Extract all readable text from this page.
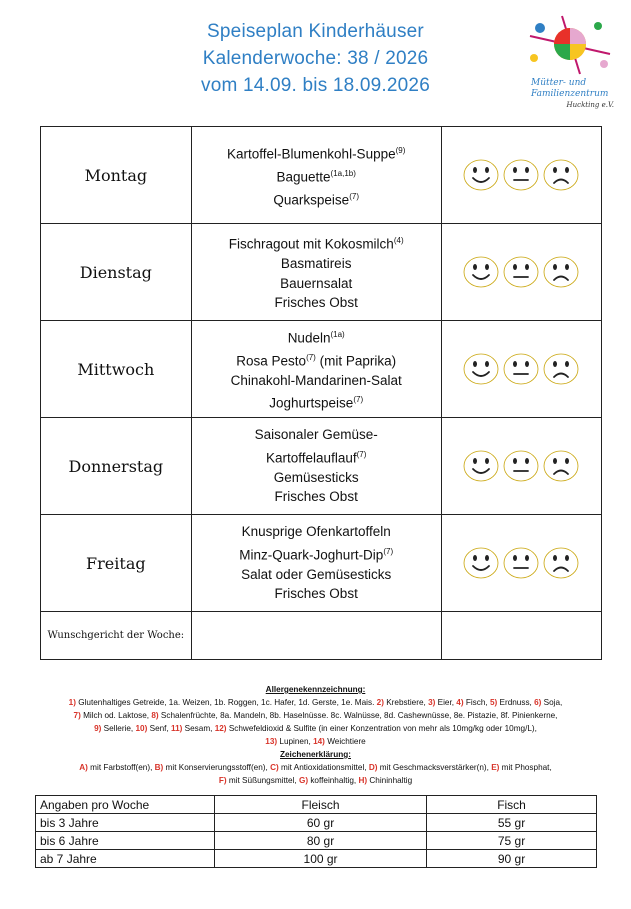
Speiseplan Kinderhäuser
Kalenderwoche: 38 / 2026
vom 14.09. bis 18.09.2026	Mütter- und
Familienzentrum

Huckting e.V.
Montag	Kartoffel-Blumenkohl-Suppe$^{(9)}$
Baguette$^{(1a,1b)}$
Quarkspeise$^{(7)}$

Dienstag	Fischragout mit Kokosmilch$^{(4)}$
Basmatireis
Bauernsalat
Frisches Obst

Mittwoch	Nudeln$^{(1a)}$
Rosa Pesto$^{(7)}$ (mit Paprika)
Chinakohl-Mandarinen-Salat
Joghurtspeise$^{(7)}$

Donnerstag	Saisonaler Gemüse-
Kartoffelauflauf$^{(7)}$
Gemüsesticks
Frisches Obst

Freitag	Knusprige Ofenkartoffeln
Minz-Quark-Joghurt-Dip$^{(7)}$
Salat oder Gemüsesticks
Frisches Obst

Wunschgericht der Woche:		
Allergenekennzeichnung:
1) Glutenhaltiges Getreide, 1a. Weizen, 1b. Roggen, 1c. Hafer, 1d. Gerste, 1e. Mais. 2) Krebstiere, 3) Eier, 4) Fisch, 5) Erdnuss, 6) Soja,
7) Milch od. Laktose, 8) Schalenfrüchte, 8a. Mandeln, 8b. Haselnüsse. 8c. Walnüsse, 8d. Cashewnüsse, 8e. Pistazie, 8f. Pinienkerne,
9) Sellerie, 10) Senf, 11) Sesam, 12) Schwefeldioxid & Sulfite (in einer Konzentration von mehr als 10mg/kg oder 10mg/L),
13) Lupinen, 14) Weichtiere
Zeichenerklärung:
A) mit Farbstoff(en), B) mit Konservierungsstoff(en), C) mit Antioxidationsmittel, D) mit Geschmacksverstärker(n), E) mit Phosphat,
F) mit Süßungsmittel, G) koffeinhaltig, H) Chininhaltig
Angaben pro Woche	Fleisch	Fisch
bis 3 Jahre	60 gr	55 gr
bis 6 Jahre	80 gr	75 gr
ab 7 Jahre	100 gr	90 gr
